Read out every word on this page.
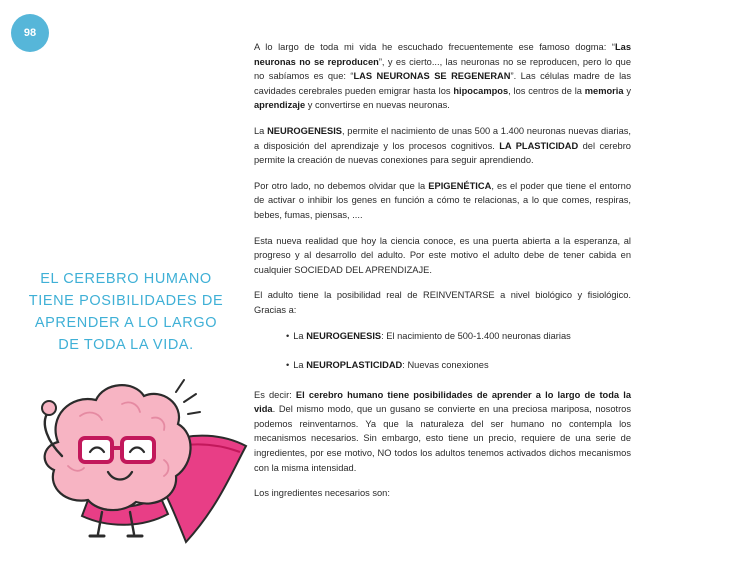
98
EL CEREBRO HUMANO
TIENE POSIBILIDADES DE
APRENDER A LO LARGO
DE TODA LA VIDA.

A lo largo de toda mi vida he escuchado frecuentemente ese famoso dogma: “Las neuronas no se reproducen”, y es cierto..., las neuronas no se reproducen, pero lo que no sabíamos es que: “LAS NEURONAS SE REGENERAN”. Las células madre de las cavidades cerebrales pueden emigrar hasta los hipocampos, los centros de la memoria y aprendizaje y convertirse en nuevas neuronas.

La NEUROGENESIS, permite el nacimiento de unas 500 a 1.400 neuronas nuevas diarias, a disposición del aprendizaje y los procesos cognitivos. LA PLASTICIDAD del cerebro permite la creación de nuevas conexiones para seguir aprendiendo.

Por otro lado, no debemos olvidar que la EPIGENÉTICA, es el poder que tiene el entorno de activar o inhibir los genes en función a cómo te relacionas, a lo que comes, respiras, bebes, fumas, piensas, ....

Esta nueva realidad que hoy la ciencia conoce, es una puerta abierta a la esperanza, al progreso y al desarrollo del adulto. Por este motivo el adulto debe de tener cabida en cualquier SOCIEDAD DEL APRENDIZAJE.

El adulto tiene la posibilidad real de REINVENTARSE a nivel biológico y fisiológico. Gracias a:

• La NEUROGENESIS: El nacimiento de 500-1.400 neuronas diarias
• La NEUROPLASTICIDAD: Nuevas conexiones

Es decir: El cerebro humano tiene posibilidades de aprender a lo largo de toda la vida. Del mismo modo, que un gusano se convierte en una preciosa mariposa, nosotros podemos reinventarnos. Ya que la naturaleza del ser humano no contempla los mecanismos necesarios. Sin embargo, esto tiene un precio, requiere de una serie de ingredientes, por ese motivo, NO todos los adultos tenemos activados dichos mecanismos con la misma intensidad.

Los ingredientes necesarios son:
